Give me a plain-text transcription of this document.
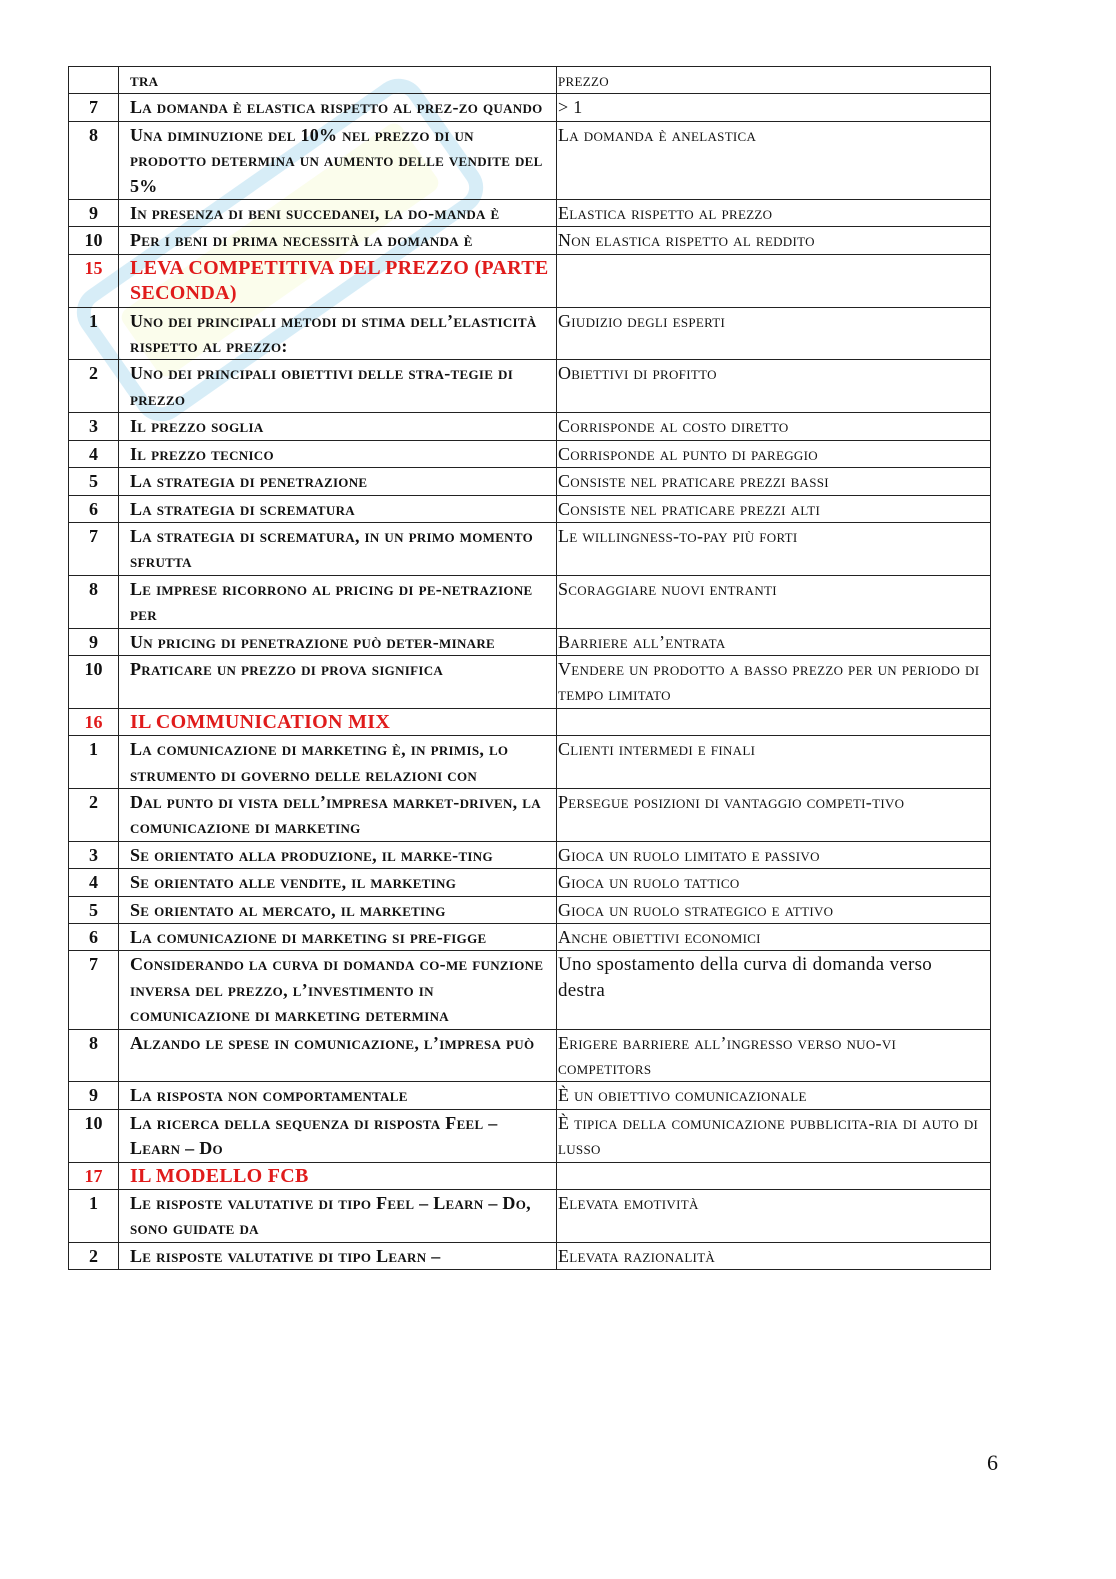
	tra	prezzo
7	La domanda è elastica rispetto al prez-zo quando	> 1
8	Una diminuzione del 10% nel prezzo di un prodotto determina un aumento delle vendite del 5%	La domanda è anelastica
9	In presenza di beni succedanei, la do-manda è	Elastica rispetto al prezzo
10	Per i beni di prima necessità la domanda è	Non elastica rispetto al reddito
15	LEVA COMPETITIVA DEL PREZZO (PARTE SECONDA)	
1	Uno dei principali metodi di stima dell’elasticità rispetto al prezzo:	Giudizio degli esperti
2	Uno dei principali obiettivi delle stra-tegie di prezzo	Obiettivi di profitto
3	Il prezzo soglia	Corrisponde al costo diretto
4	Il prezzo tecnico	Corrisponde al punto di pareggio
5	La strategia di penetrazione	Consiste nel praticare prezzi bassi
6	La strategia di scrematura	Consiste nel praticare prezzi alti
7	La strategia di scrematura, in un primo momento sfrutta	Le willingness-to-pay più forti
8	Le imprese ricorrono al pricing di pe-netrazione per	Scoraggiare nuovi entranti
9	Un pricing di penetrazione può deter-minare	Barriere all’entrata
10	Praticare un prezzo di prova significa	Vendere un prodotto a basso prezzo per un periodo di tempo limitato
16	IL COMMUNICATION MIX	
1	La comunicazione di marketing è, in primis, lo strumento di governo delle relazioni con	Clienti intermedi e finali
2	Dal punto di vista dell’impresa market-driven, la comunicazione di marketing	Persegue posizioni di vantaggio competi-tivo
3	Se orientato alla produzione, il marke-ting	Gioca un ruolo limitato e passivo
4	Se orientato alle vendite, il marketing	Gioca un ruolo tattico
5	Se orientato al mercato, il marketing	Gioca un ruolo strategico e attivo
6	La comunicazione di marketing si pre-figge	Anche obiettivi economici
7	Considerando la curva di domanda co-me funzione inversa del prezzo, l’investimento in comunicazione di marketing determina	Uno spostamento della curva di domanda verso destra
8	Alzando le spese in comunicazione, l’impresa può	Erigere barriere all’ingresso verso nuo-vi competitors
9	La risposta non comportamentale	È un obiettivo comunicazionale
10	La ricerca della sequenza di risposta Feel – Learn – Do	È tipica della comunicazione pubblicita-ria di auto di lusso
17	IL MODELLO FCB	
1	Le risposte valutative di tipo Feel – Learn – Do, sono guidate da	Elevata emotività
2	Le risposte valutative di tipo Learn –	Elevata razionalità
6
